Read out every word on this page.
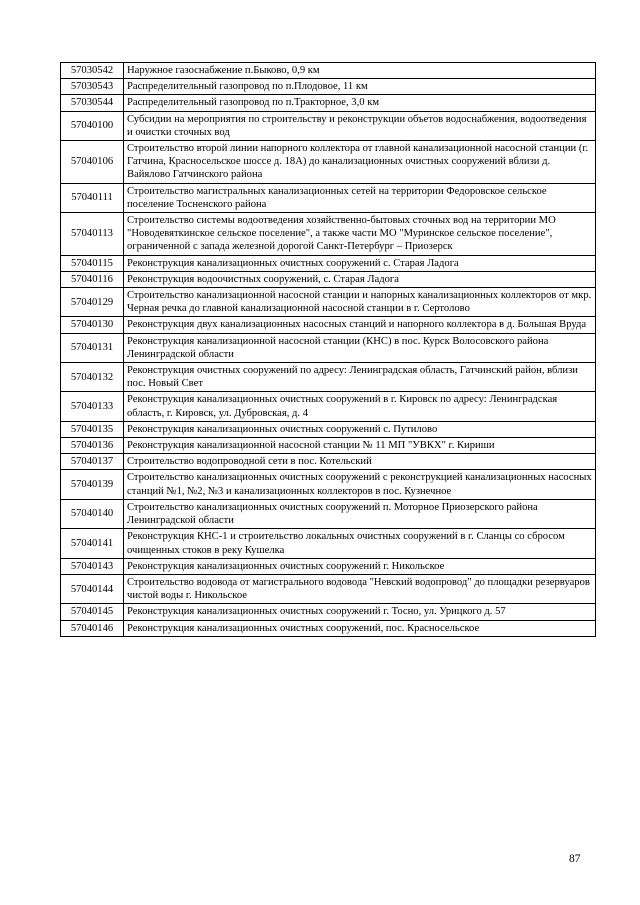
57030542	Наружное газоснабжение п.Быково, 0,9 км
57030543	Распределительный газопровод по п.Плодовое, 11 км
57030544	Распределительный газопровод по п.Тракторное, 3,0 км
57040100	Субсидии на мероприятия по строительству и реконструкции объетов водоснабжения, водоотведения и очистки сточных вод
57040106	Строительство второй линии напорного коллектора от главной канализационной насосной станции (г. Гатчина, Красносельское шоссе д. 18А) до канализационных очистных сооружений вблизи д. Вайялово Гатчинского района
57040111	Строительство магистральных канализационных сетей на территории Федоровское сельское поселение Тосненского района
57040113	Строительство системы водоотведения хозяйственно-бытовых сточных вод на территории МО "Новодевяткинское сельское поселение", а также части МО "Муринское сельское поселение", ограниченной с запада железной дорогой Санкт-Петербург – Приозерск
57040115	Реконструкция канализационных очистных сооружений с. Старая Ладога
57040116	Реконструкция водоочистных сооружений, с. Старая Ладога
57040129	Строительство канализационной насосной станции и напорных канализационных коллекторов от мкр. Черная речка до главной канализационной насосной станции в г. Сертолово
57040130	Реконструкция двух канализационных насосных станций и напорного коллектора в д. Большая Вруда
57040131	Реконструкция канализационной насосной станции (КНС) в пос. Курск Волосовского района Ленинградской области
57040132	Реконструкция очистных сооружений по адресу: Ленинградская область, Гатчинский район, вблизи пос. Новый Свет
57040133	Реконструкция канализационных очистных сооружений в г. Кировск по адресу: Ленинградская область, г. Кировск, ул. Дубровская, д. 4
57040135	Реконструкция канализационных очистных сооружений с. Путилово
57040136	Реконструкция канализационной насосной станции № 11 МП "УВКХ" г. Кириши
57040137	Строительство водопроводной сети в пос. Котельский
57040139	Строительство канализационных очистных сооружений с реконструкцией канализационных насосных станций №1, №2, №3 и канализационных коллекторов в пос. Кузнечное
57040140	Строительство канализационных очистных сооружений п. Моторное Приозерского района Ленинградской области
57040141	Реконструкция КНС-1 и строительство локальных очистных сооружений в г. Сланцы со сбросом очищенных стоков в реку Кушелка
57040143	Реконструкция канализационных очистных сооружений г. Никольское
57040144	Строительство водовода от магистрального водовода "Невский водопровод" до площадки резервуаров чистой воды г. Никольское
57040145	Реконструкция канализационных очистных сооружений г. Тосно, ул. Урицкого д. 57
57040146	Реконструкция канализационных очистных сооружений, пос. Красносельское
87
